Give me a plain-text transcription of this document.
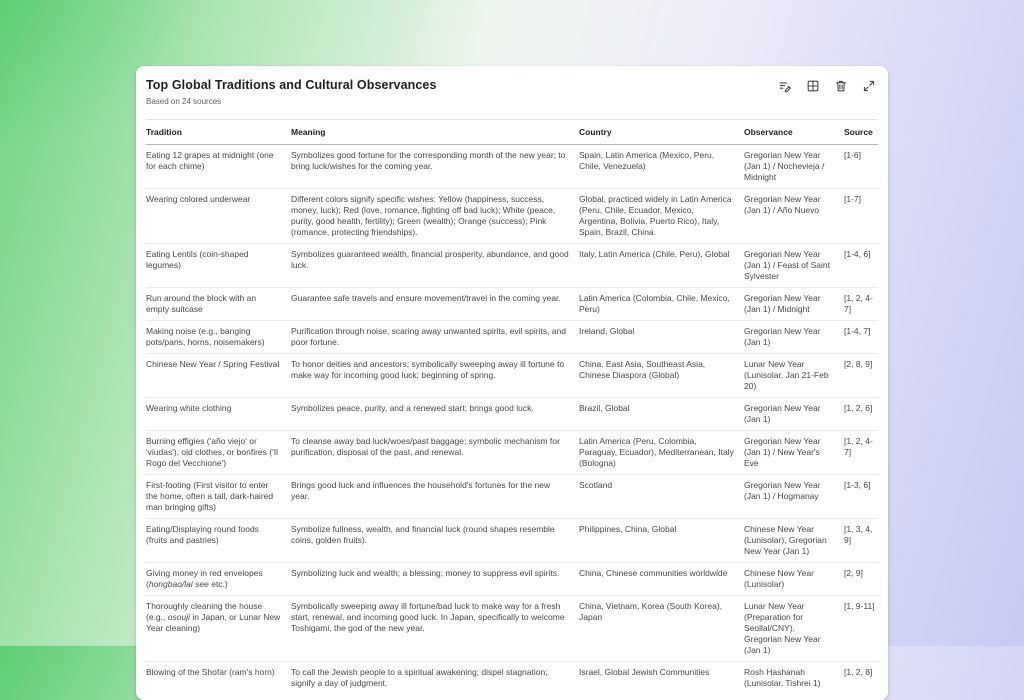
Top Global Traditions and Cultural Observances
Based on 24 sources
Tradition	Meaning	Country	Observance	Source
Eating 12 grapes at midnight (one for each chime)	Symbolizes good fortune for the corresponding month of the new year; to bring luck/wishes for the coming year.	Spain, Latin America (Mexico, Peru, Chile, Venezuela)	Gregorian New Year (Jan 1) / Nochevieja / Midnight	[1-6]
Wearing colored underwear	Different colors signify specific wishes: Yellow (happiness, success, money, luck); Red (love, romance, fighting off bad luck); White (peace, purity, good health, fertility); Green (wealth); Orange (success); Pink (romance, protecting friendships).	Global, practiced widely in Latin America (Peru, Chile, Ecuador, Mexico, Argentina, Bolivia, Puerto Rico), Italy, Spain, Brazil, China.	Gregorian New Year (Jan 1) / Año Nuevo	[1-7]
Eating Lentils (coin-shaped legumes)	Symbolizes guaranteed wealth, financial prosperity, abundance, and good luck.	Italy, Latin America (Chile, Peru), Global	Gregorian New Year (Jan 1) / Feast of Saint Sylvester	[1-4, 6]
Run around the block with an empty suitcase	Guarantee safe travels and ensure movement/travel in the coming year.	Latin America (Colombia, Chile, Mexico, Peru)	Gregorian New Year (Jan 1) / Midnight	[1, 2, 4-7]
Making noise (e.g., banging pots/pans, horns, noisemakers)	Purification through noise, scaring away unwanted spirits, evil spirits, and poor fortune.	Ireland, Global	Gregorian New Year (Jan 1)	[1-4, 7]
Chinese New Year / Spring Festival	To honor deities and ancestors; symbolically sweeping away ill fortune to make way for incoming good luck; beginning of spring.	China, East Asia, Southeast Asia, Chinese Diaspora (Global)	Lunar New Year (Lunisolar, Jan 21-Feb 20)	[2, 8, 9]
Wearing white clothing	Symbolizes peace, purity, and a renewed start; brings good luck.	Brazil, Global	Gregorian New Year (Jan 1)	[1, 2, 6]
Burning effigies ('año viejo' or 'viudas'), old clothes, or bonfires ('Il Rogo del Vecchione')	To cleanse away bad luck/woes/past baggage; symbolic mechanism for purification, disposal of the past, and renewal.	Latin America (Peru, Colombia, Paraguay, Ecuador), Mediterranean, Italy (Bologna)	Gregorian New Year (Jan 1) / New Year's Eve	[1, 2, 4-7]
First-footing (First visitor to enter the home, often a tall, dark-haired man bringing gifts)	Brings good luck and influences the household's fortunes for the new year.	Scotland	Gregorian New Year (Jan 1) / Hogmanay	[1-3, 6]
Eating/Displaying round foods (fruits and pastries)	Symbolize fullness, wealth, and financial luck (round shapes resemble coins, golden fruits).	Philippines, China, Global	Chinese New Year (Lunisolar), Gregorian New Year (Jan 1)	[1, 3, 4, 9]
Giving money in red envelopes (hongbao/lai see etc.)	Symbolizing luck and wealth; a blessing; money to suppress evil spirits.	China, Chinese communities worldwide	Chinese New Year (Lunisolar)	[2, 9]
Thoroughly cleaning the house (e.g., osouji in Japan, or Lunar New Year cleaning)	Symbolically sweeping away ill fortune/bad luck to make way for a fresh start, renewal, and incoming good luck. In Japan, specifically to welcome Toshigami, the god of the new year.	China, Vietnam, Korea (South Korea), Japan	Lunar New Year (Preparation for Seollal/CNY), Gregorian New Year (Jan 1)	[1, 9-11]
Blowing of the Shofar (ram's horn)	To call the Jewish people to a spiritual awakening; dispel stagnation; signify a day of judgment.	Israel, Global Jewish Communities	Rosh Hashanah (Lunisolar, Tishrei 1)	[1, 2, 8]
